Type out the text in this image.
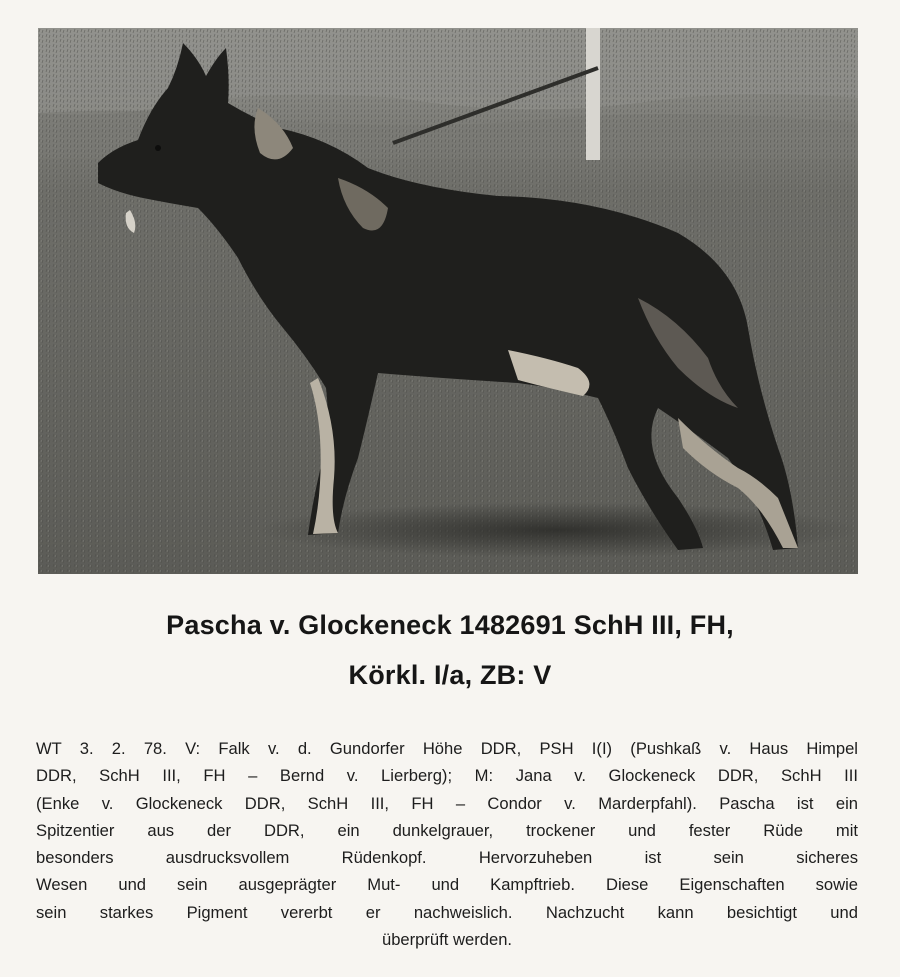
Pascha v. Glockeneck 1482691 SchH III, FH,
Körkl. I/a, ZB: V
WT 3. 2. 78. V: Falk v. d. Gundorfer Höhe DDR, PSH I(I) (Pushkaß v. Haus Himpel
DDR, SchH III, FH – Bernd v. Lierberg); M: Jana v. Glockeneck DDR, SchH III
(Enke v. Glockeneck DDR, SchH III, FH – Condor v. Marderpfahl). Pascha ist ein
Spitzentier aus der DDR, ein dunkelgrauer, trockener und fester Rüde mit
besonders ausdrucksvollem Rüdenkopf. Hervorzuheben ist sein sicheres
Wesen und sein ausgeprägter Mut- und Kampftrieb. Diese Eigenschaften sowie
sein starkes Pigment vererbt er nachweislich. Nachzucht kann besichtigt und
überprüft werden.
